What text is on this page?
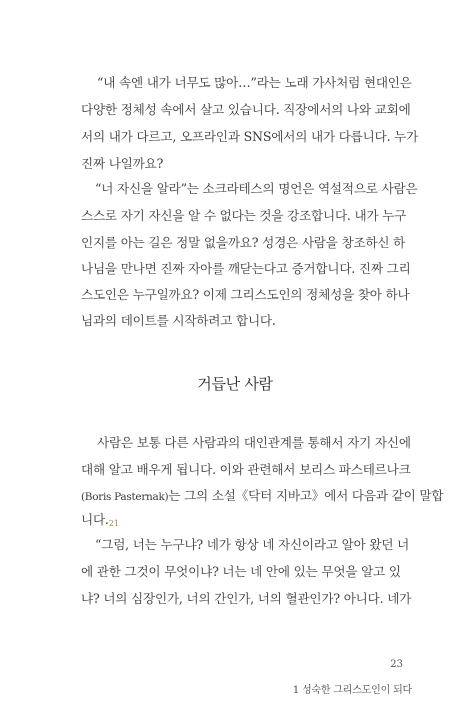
“내 속엔 내가 너무도 많아…”라는 노래 가사처럼 현대인은
다양한 정체성 속에서 살고 있습니다. 직장에서의 나와 교회에
서의 내가 다르고, 오프라인과 SNS에서의 내가 다릅니다. 누가
진짜 나일까요?
“너 자신을 알라”는 소크라테스의 명언은 역설적으로 사람은
스스로 자기 자신을 알 수 없다는 것을 강조합니다. 내가 누구
인지를 아는 길은 정말 없을까요? 성경은 사람을 창조하신 하
나님을 만나면 진짜 자아를 깨닫는다고 증거합니다. 진짜 그리
스도인은 누구일까요? 이제 그리스도인의 정체성을 찾아 하나
님과의 데이트를 시작하려고 합니다.
거듭난 사람
사람은 보통 다른 사람과의 대인관계를 통해서 자기 자신에
대해 알고 배우게 됩니다. 이와 관련해서 보리스 파스테르나크
(Boris Pasternak)는 그의 소설《닥터 지바고》에서 다음과 같이 말합
니다.21
“그럼, 너는 누구냐? 네가 항상 네 자신이라고 알아 왔던 너
에 관한 그것이 무엇이냐? 너는 네 안에 있는 무엇을 알고 있
냐? 너의 심장인가, 너의 간인가, 너의 혈관인가? 아니다. 네가
23
1 성숙한 그리스도인이 되다
